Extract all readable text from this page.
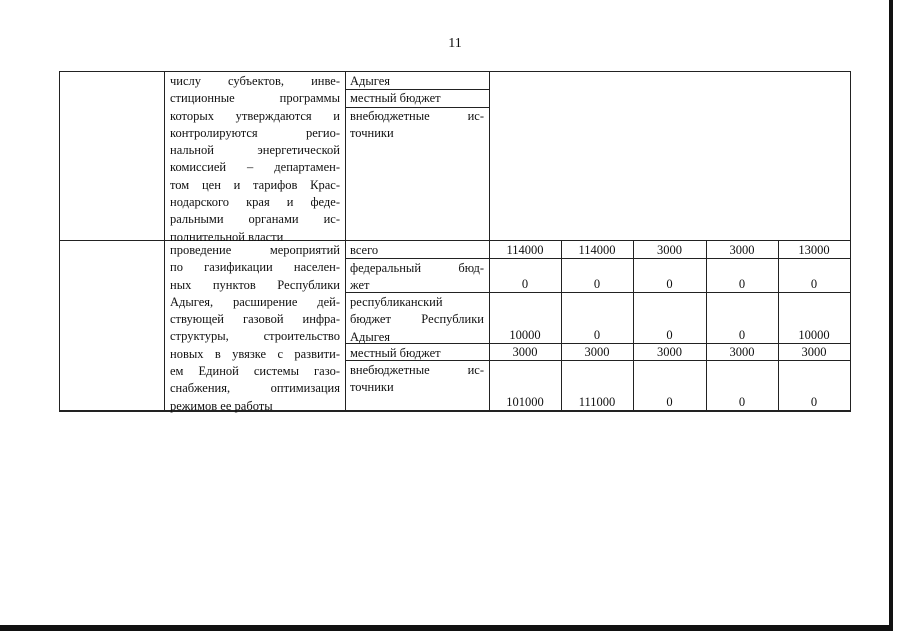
11
числу субъектов, инве-
стиционные программы
которых утверждаются и
контролируются регио-
нальной энергетической
комиссией – департамен-
том цен и тарифов Крас-
нодарского края и феде-
ральными органами ис-
полнительной власти
Адыгея
местный бюджет
внебюджетные ис-
точники
проведение мероприятий
по газификации населен-
ных пунктов Республики
Адыгея, расширение дей-
ствующей газовой инфра-
структуры, строительство
новых в увязке с развити-
ем Единой системы газо-
снабжения, оптимизация
режимов ее работы
всего	114000	114000	3000	3000	13000
федеральный бюд-
жет	0	0	0	0	0
республиканский
бюджет Республики
Адыгея	10000	0	0	0	10000
местный бюджет	3000	3000	3000	3000	3000
внебюджетные ис-
точники
101000	111000	0	0	0
